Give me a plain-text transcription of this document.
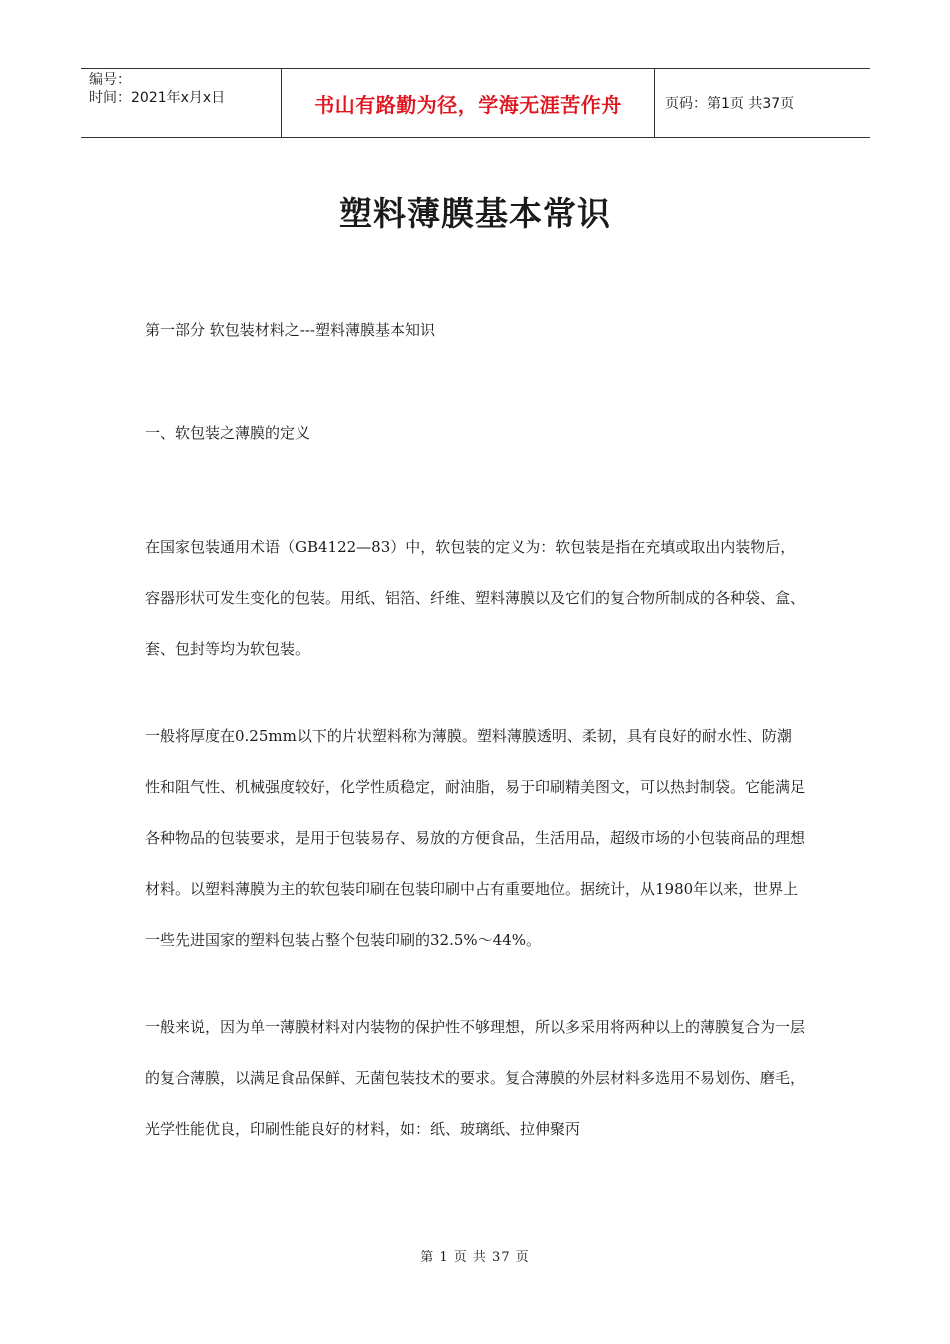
编号：
时间：2021年x月x日	书山有路勤为径，学海无涯苦作舟	页码：第1页 共37页
塑料薄膜基本常识

第一部分 软包装材料之---塑料薄膜基本知识

一、软包装之薄膜的定义

在国家包装通用术语（GB4122—83）中，软包装的定义为：软包装是指在充填或取出内装物后，容器形状可发生变化的包装。用纸、铝箔、纤维、塑料薄膜以及它们的复合物所制成的各种袋、盒、套、包封等均为软包装。

一般将厚度在0.25mm以下的片状塑料称为薄膜。塑料薄膜透明、柔韧，具有良好的耐水性、防潮性和阻气性、机械强度较好，化学性质稳定，耐油脂，易于印刷精美图文，可以热封制袋。它能满足各种物品的包装要求，是用于包装易存、易放的方便食品，生活用品，超级市场的小包装商品的理想材料。以塑料薄膜为主的软包装印刷在包装印刷中占有重要地位。据统计，从1980年以来，世界上一些先进国家的塑料包装占整个包装印刷的32.5%～44%。

一般来说，因为单一薄膜材料对内装物的保护性不够理想，所以多采用将两种以上的薄膜复合为一层的复合薄膜，以满足食品保鲜、无菌包装技术的要求。复合薄膜的外层材料多选用不易划伤、磨毛，光学性能优良，印刷性能良好的材料，如：纸、玻璃纸、拉伸聚丙

第 1 页 共 37 页
